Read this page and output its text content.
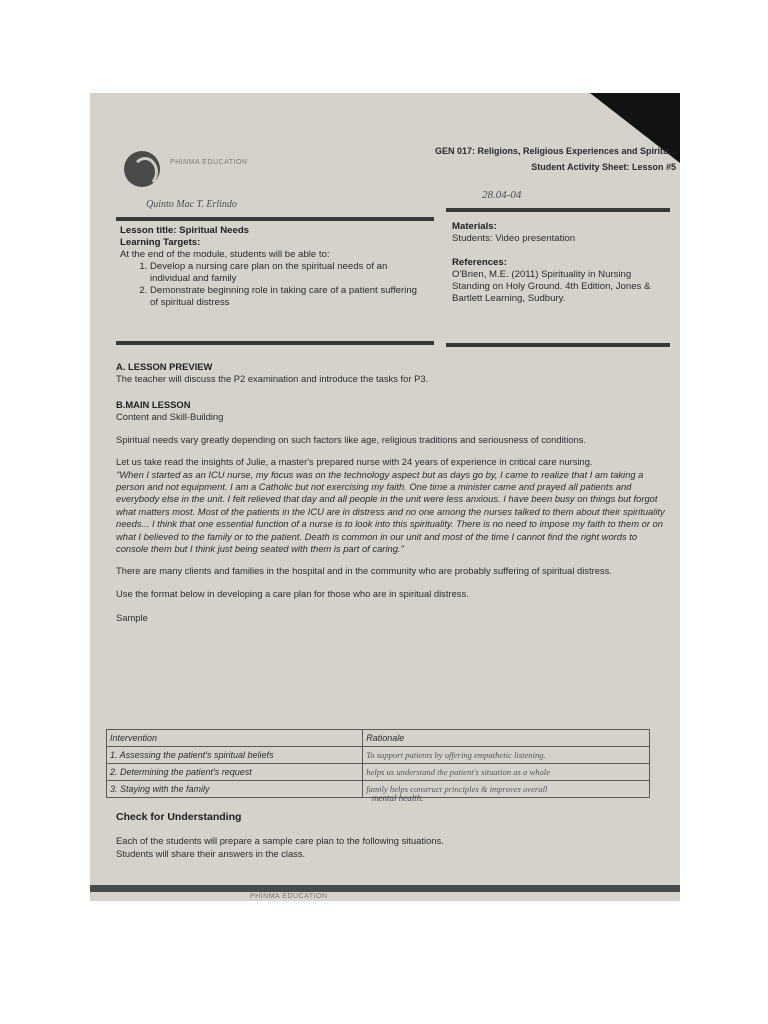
PHINMA EDUCATION
GEN 017: Religions, Religious Experiences and Spiritu...
Student Activity Sheet: Lesson #5
Quinto Mac T. Erlindo
28.04-04
Lesson title: Spiritual Needs
Learning Targets:
At the end of the module, students will be able to:
1. Develop a nursing care plan on the spiritual needs of an individual and family
2. Demonstrate beginning role in taking care of a patient suffering of spiritual distress
Materials:
Students: Video presentation
References:
O'Brien, M.E. (2011) Spirituality in Nursing Standing on Holy Ground. 4th Edition, Jones & Bartlett Learning, Sudbury.
A. LESSON PREVIEW
The teacher will discuss the P2 examination and introduce the tasks for P3.
B.MAIN LESSON
Content and Skill-Building
Spiritual needs vary greatly depending on such factors like age, religious traditions and seriousness of conditions.
Let us take read the insights of Julie, a master's prepared nurse with 24 years of experience in critical care nursing.
"When I started as an ICU nurse, my focus was on the technology aspect but as days go by, I came to realize that I am taking a person and not equipment. I am a Catholic but not exercising my faith. One time a minister came and prayed all patients and everybody else in the unit. I felt relieved that day and all people in the unit were less anxious. I have been busy on things but forgot what matters most. Most of the patients in the ICU are in distress and no one among the nurses talked to them about their spirituality needs... I think that one essential function of a nurse is to look into this spirituality. There is no need to impose my faith to them or on what I believed to the family or to the patient. Death is common in our unit and most of the time I cannot find the right words to console them but I think just being seated with them is part of caring."
There are many clients and families in the hospital and in the community who are probably suffering of spiritual distress.
Use the format below in developing a care plan for those who are in spiritual distress.
Sample
Intervention	Rationale
1. Assessing the patient's spiritual beliefs	To support patients by offering empathetic listening.
2. Determining the patient's request	helps us understand the patient's situation as a whole
3. Staying with the family	family helps construct principles & improves overall
mental health.
Check for Understanding
Each of the students will prepare a sample care plan to the following situations.
Students will share their answers in the class.
PHINMA EDUCATION
